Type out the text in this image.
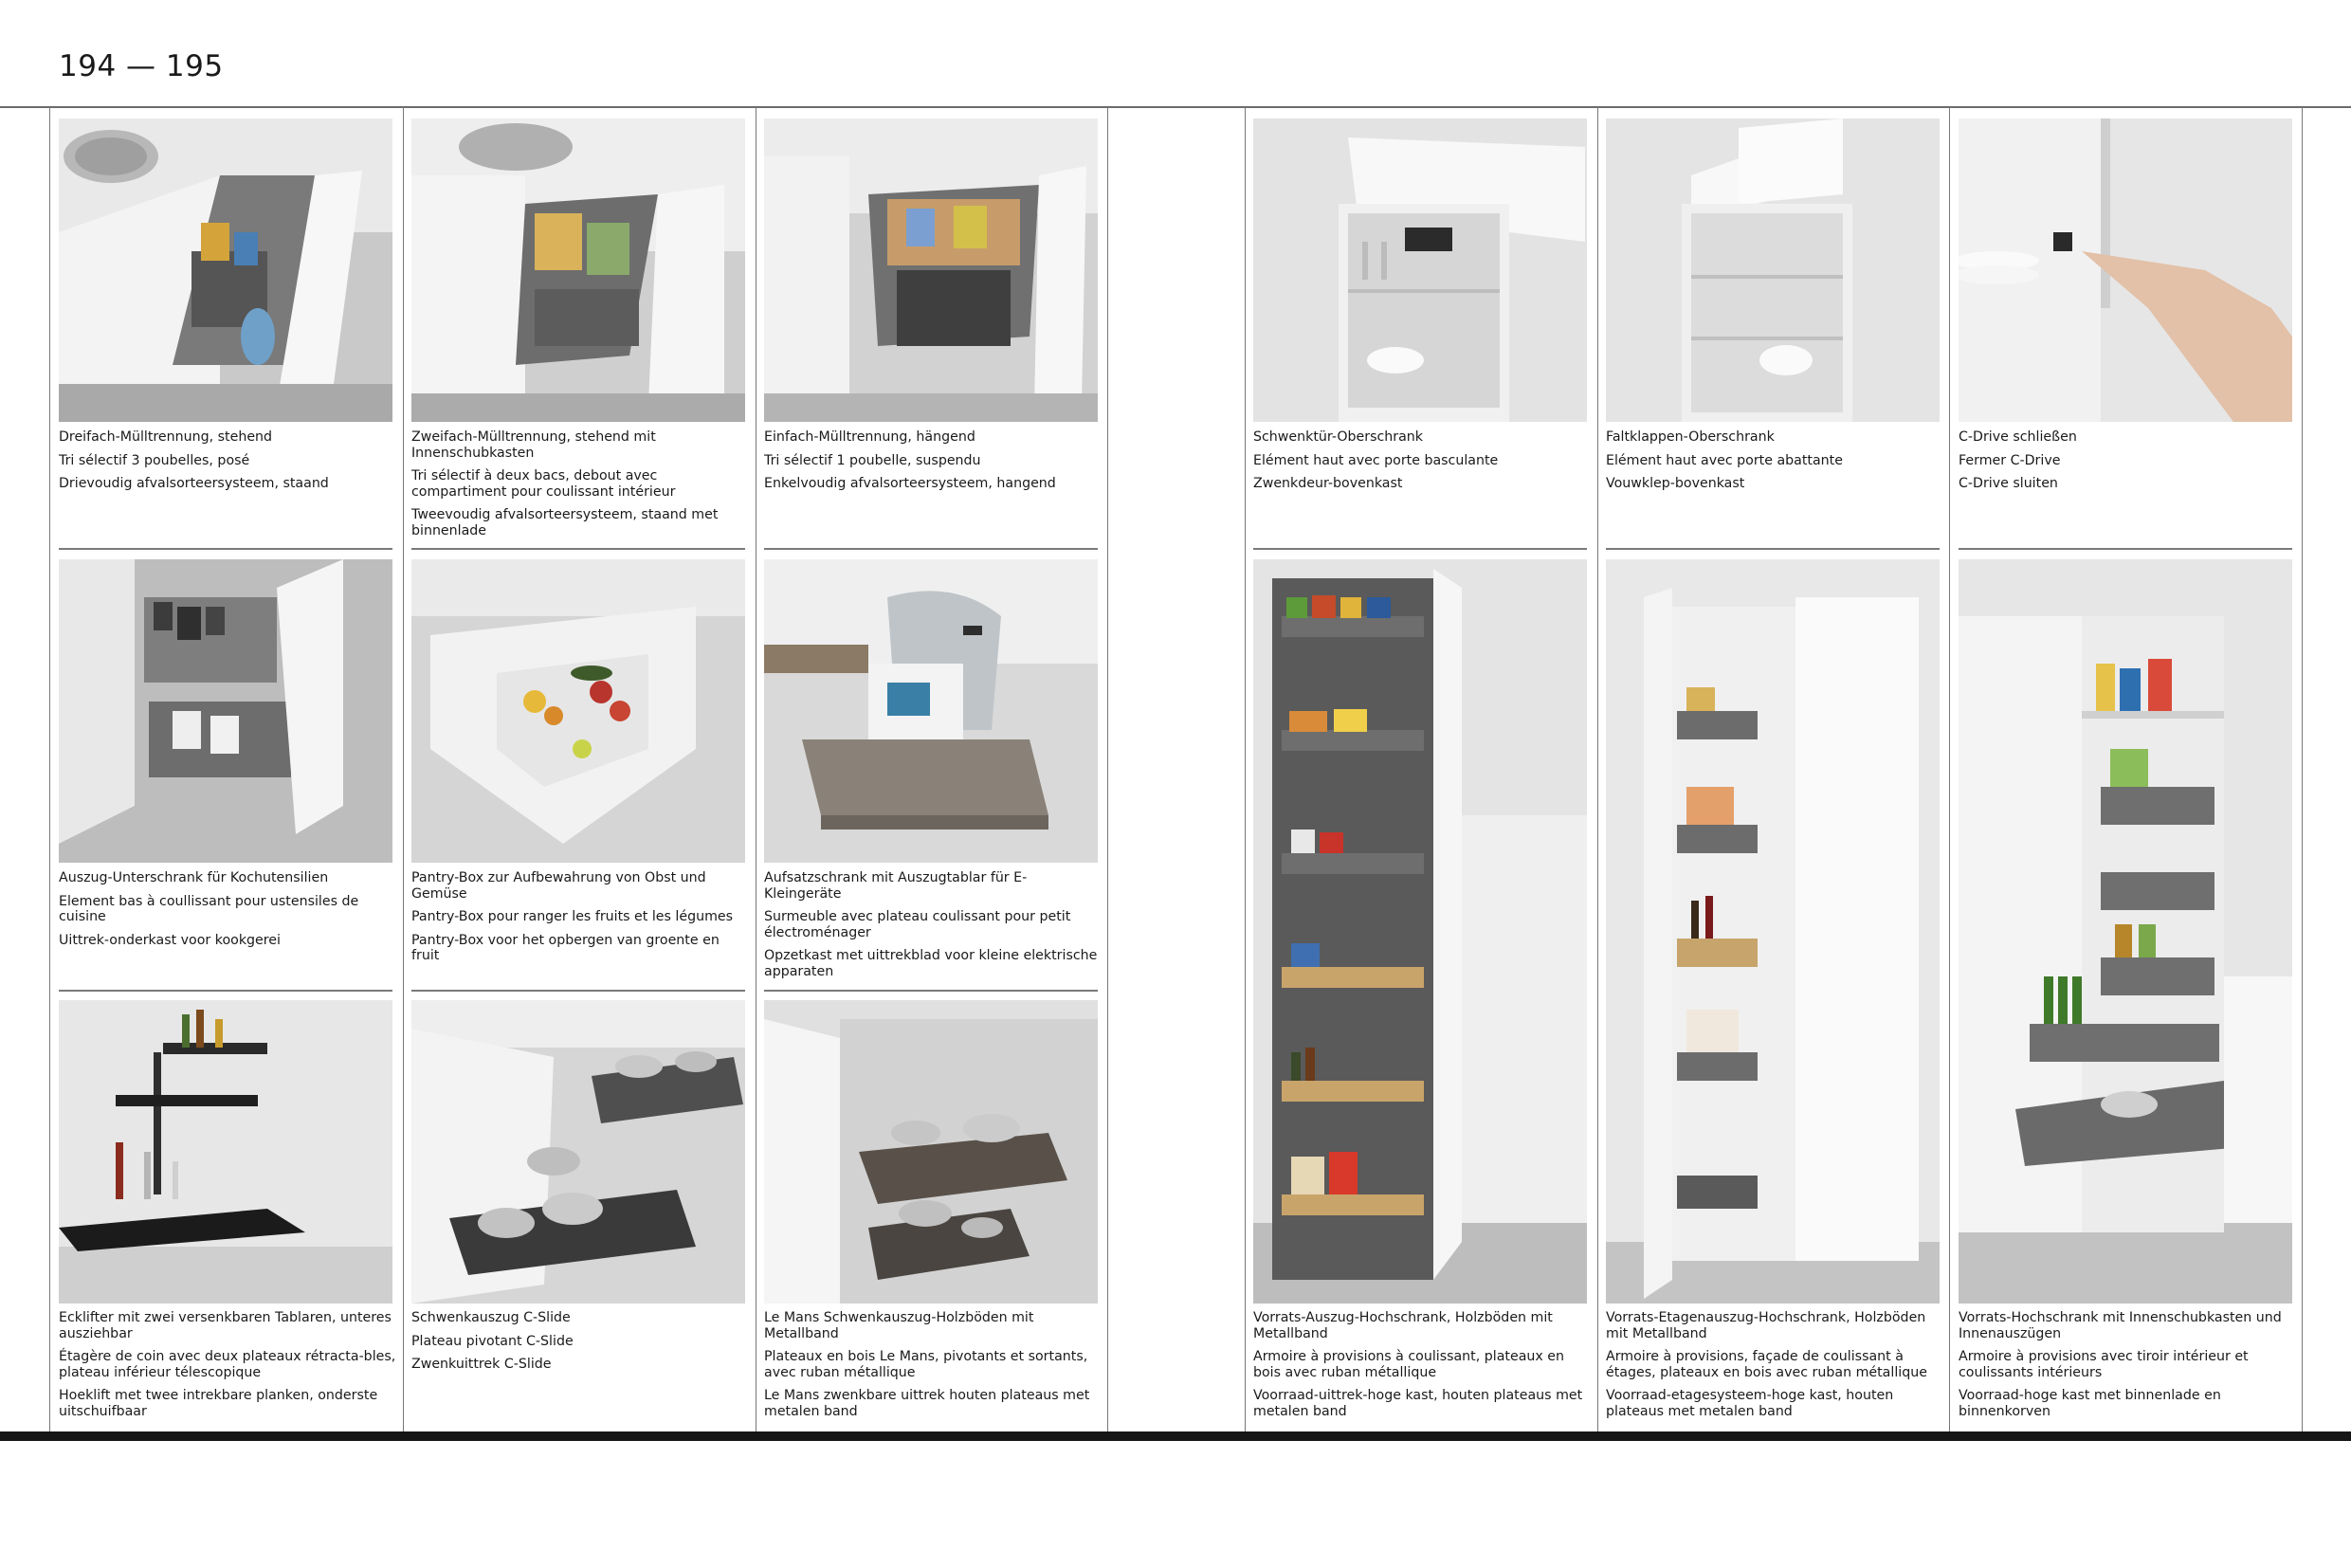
194 — 195
Dreifach-Mülltrennung, stehend
Tri sélectif 3 poubelles, posé
Drievoudig afvalsorteersysteem, staand
Zweifach-Mülltrennung, stehend mit Innenschubkasten
Tri sélectif à deux bacs, debout avec compartiment pour coulissant intérieur
Tweevoudig afvalsorteersysteem, staand met binnenlade
Einfach-Mülltrennung, hängend
Tri sélectif 1 poubelle, suspendu
Enkelvoudig afvalsorteersysteem, hangend
Schwenktür-Oberschrank
Elément haut avec porte basculante
Zwenkdeur-bovenkast
Faltklappen-Oberschrank
Elément haut avec porte abattante
Vouwklep-bovenkast
C-Drive schließen
Fermer C-Drive
C-Drive sluiten
Auszug-Unterschrank für Kochutensilien
Element bas à coullissant pour ustensiles de cuisine
Uittrek-onderkast voor kookgerei
Pantry-Box zur Aufbewahrung von Obst und Gemüse
Pantry-Box pour ranger les fruits et les légumes
Pantry-Box voor het opbergen van groente en fruit
Aufsatzschrank mit Auszugtablar für E-Kleingeräte
Surmeuble avec plateau coulissant pour petit électroménager
Opzetkast met uittrekblad voor kleine elektrische apparaten
Ecklifter mit zwei versenkbaren Tablaren, unteres ausziehbar
Étagère de coin avec deux plateaux rétracta-bles, plateau inférieur télescopique
Hoeklift met twee intrekbare planken, onderste uitschuifbaar
Schwenkauszug C-Slide
Plateau pivotant C-Slide
Zwenkuittrek C-Slide
Le Mans Schwenkauszug-Holzböden mit Metallband
Plateaux en bois Le Mans, pivotants et sortants, avec ruban métallique
Le Mans zwenkbare uittrek houten plateaus met metalen band
Vorrats-Auszug-Hochschrank, Holzböden mit Metallband
Armoire à provisions à coulissant, plateaux en bois avec ruban métallique
Voorraad-uittrek-hoge kast, houten plateaus met metalen band
Vorrats-Etagenauszug-Hochschrank, Holzböden mit Metallband
Armoire à provisions, façade de coulissant à étages, plateaux en bois avec ruban métallique
Voorraad-etagesysteem-hoge kast, houten plateaus met metalen band
Vorrats-Hochschrank mit Innenschubkasten und Innenauszügen
Armoire à provisions avec tiroir intérieur et coulissants intérieurs
Voorraad-hoge kast met binnenlade en binnenkorven
